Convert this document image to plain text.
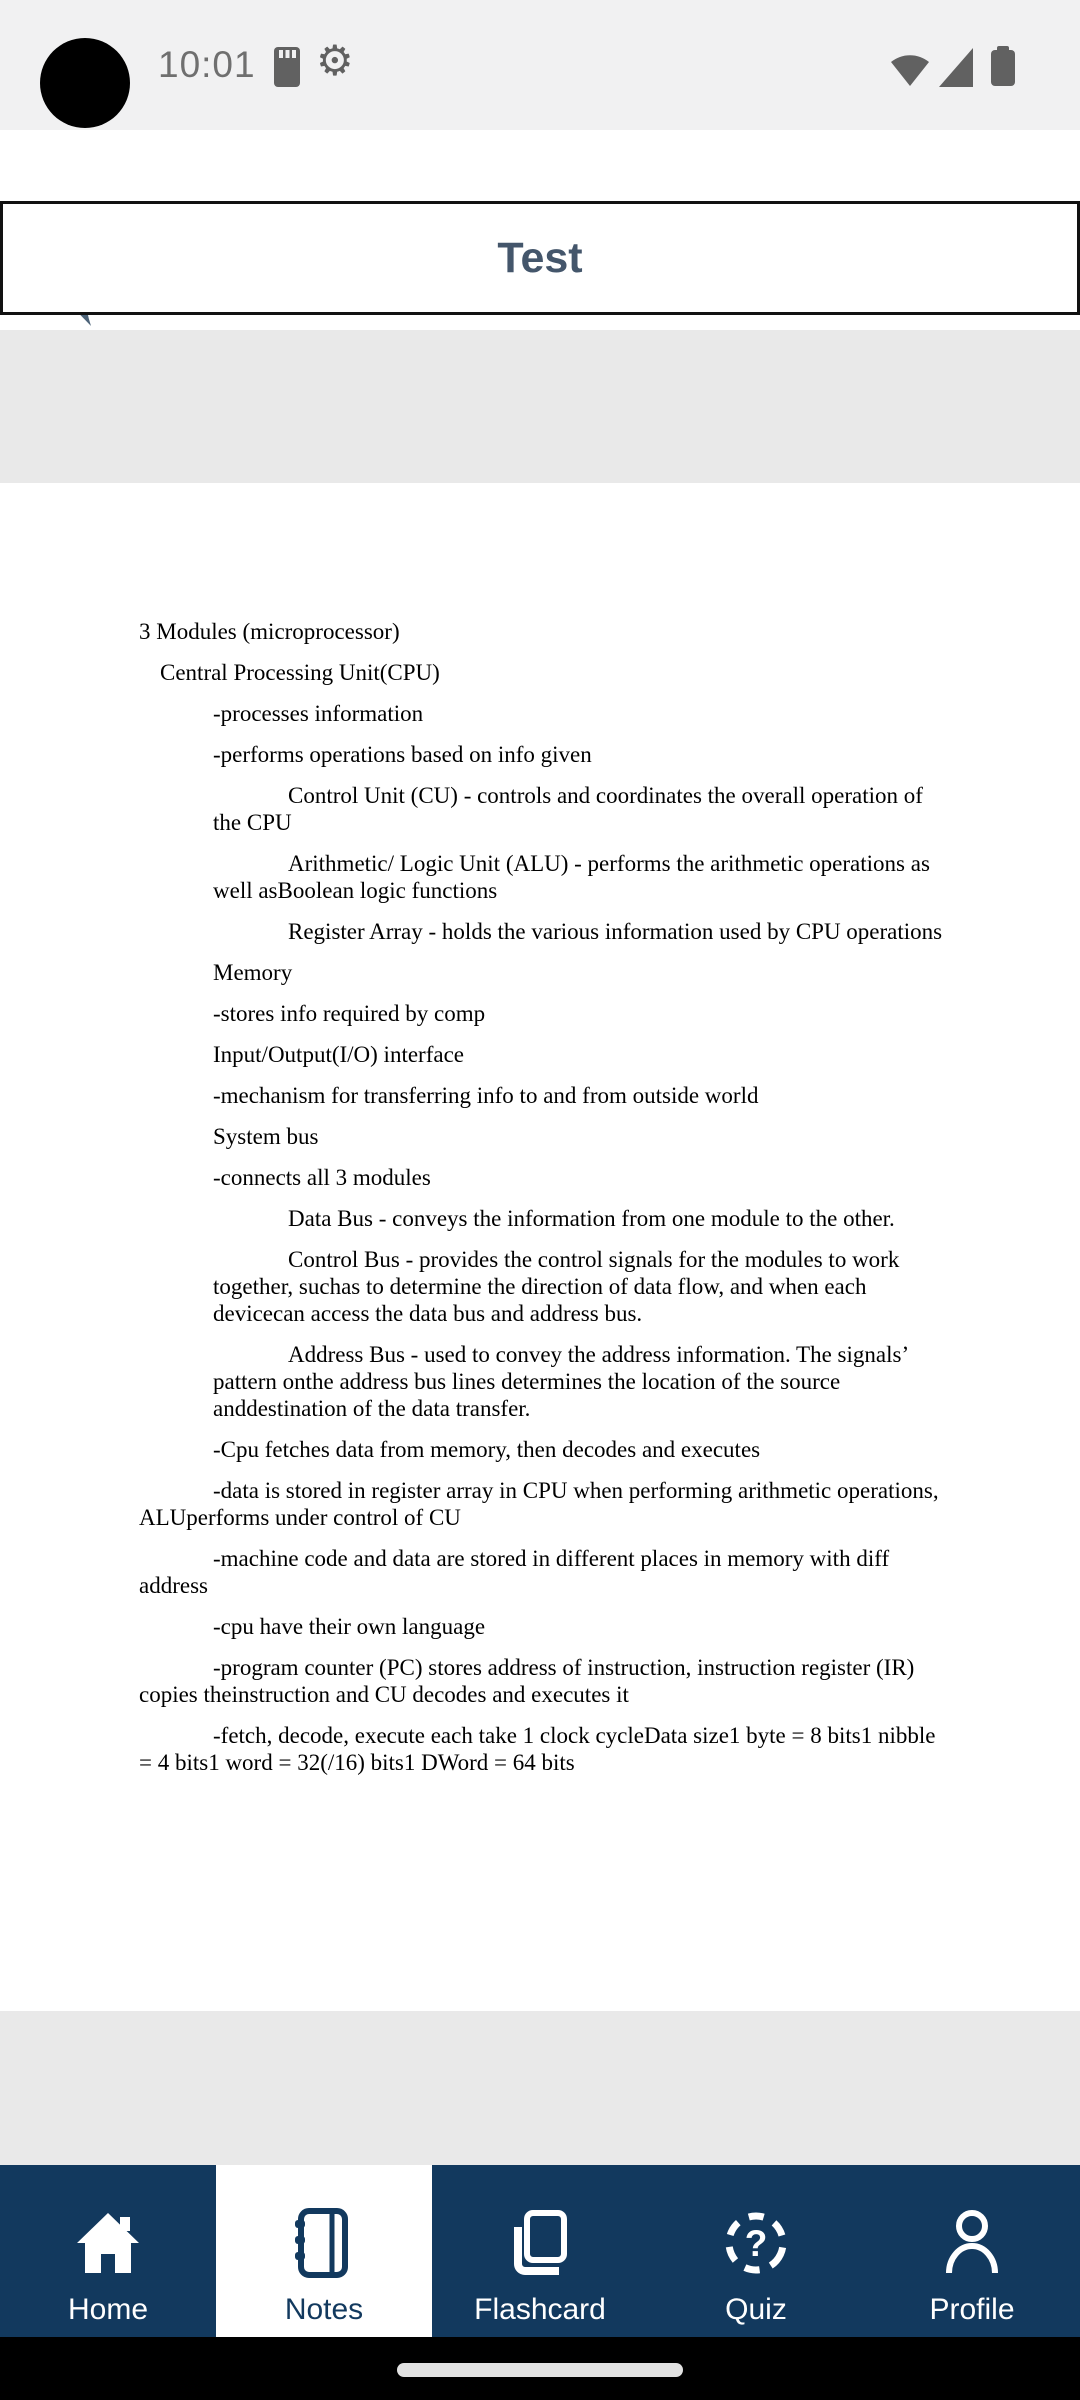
10:01 ⚙
Test

3 Modules (microprocessor)

Central Processing Unit(CPU)

-processes information

-performs operations based on info given

Control Unit (CU) - controls and coordinates the overall operation of the CPU

Arithmetic/ Logic Unit (ALU) - performs the arithmetic operations as well asBoolean logic functions

Register Array - holds the various information used by CPU operations

Memory

-stores info required by comp

Input/Output(I/O) interface

-mechanism for transferring info to and from outside world

System bus

-connects all 3 modules

Data Bus - conveys the information from one module to the other.

Control Bus - provides the control signals for the modules to work together, suchas to determine the direction of data flow, and when each devicecan access the data bus and address bus.

Address Bus - used to convey the address information. The signals’ pattern onthe address bus lines determines the location of the source anddestination of the data transfer.

-Cpu fetches data from memory, then decodes and executes

-data is stored in register array in CPU when performing arithmetic operations, ALUperforms under control of CU

-machine code and data are stored in different places in memory with diff address

-cpu have their own language

-program counter (PC) stores address of instruction, instruction register (IR) copies theinstruction and CU decodes and executes it

-fetch, decode, execute each take 1 clock cycleData size1 byte = 8 bits1 nibble = 4 bits1 word = 32(/16) bits1 DWord = 64 bits

Home	Notes	Flashcard
?
Quiz	Profile
